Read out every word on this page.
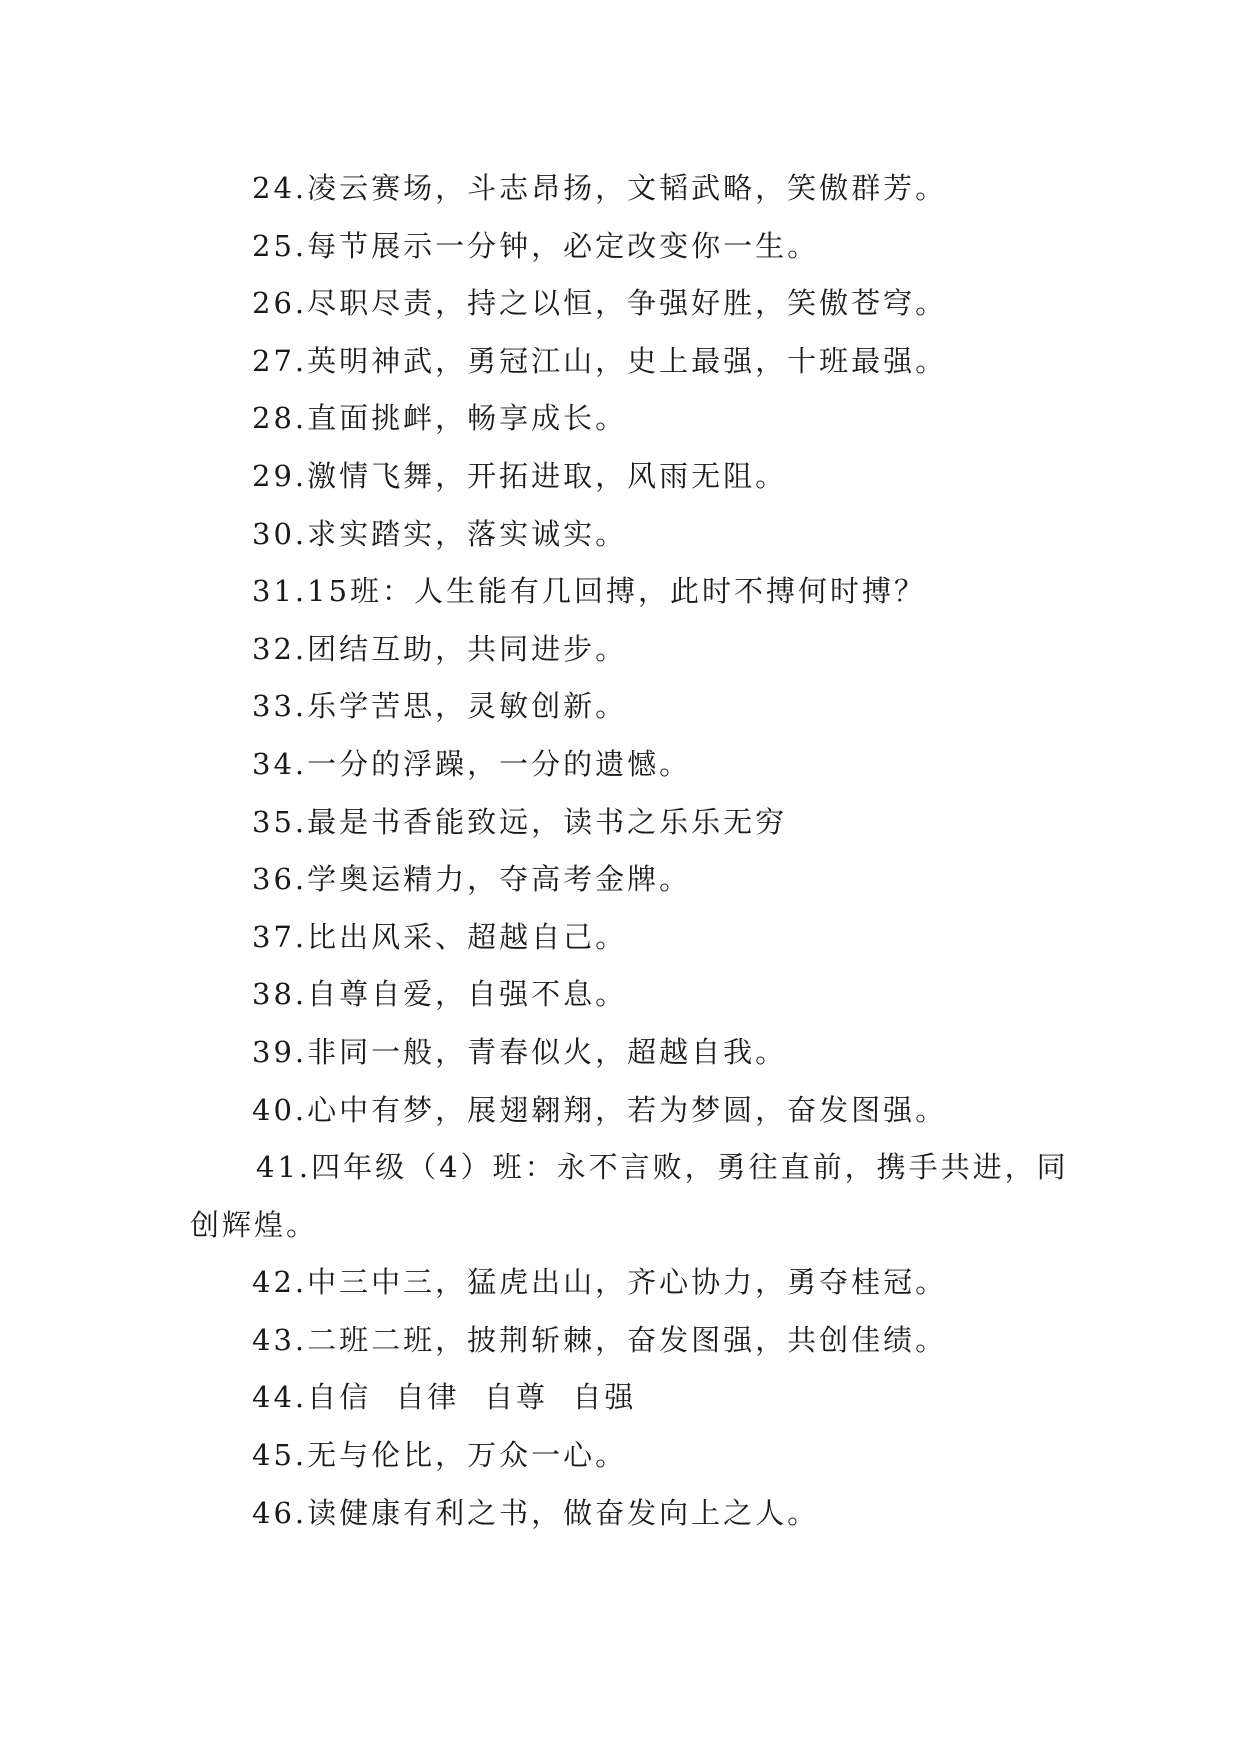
24.凌云赛场，斗志昂扬，文韬武略，笑傲群芳。

25.每节展示一分钟，必定改变你一生。

26.尽职尽责，持之以恒，争强好胜，笑傲苍穹。

27.英明神武，勇冠江山，史上最强，十班最强。

28.直面挑衅，畅享成长。

29.激情飞舞，开拓进取，风雨无阻。

30.求实踏实，落实诚实。

31.15班：人生能有几回搏，此时不搏何时搏？

32.团结互助，共同进步。

33.乐学苦思，灵敏创新。

34.一分的浮躁，一分的遗憾。

35.最是书香能致远，读书之乐乐无穷

36.学奥运精力，夺高考金牌。

37.比出风采、超越自己。

38.自尊自爱，自强不息。

39.非同一般，青春似火，超越自我。

40.心中有梦，展翅翱翔，若为梦圆，奋发图强。

41.四年级（4）班：永不言败，勇往直前，携手共进，同创辉煌。

42.中三中三，猛虎出山，齐心协力，勇夺桂冠。

43.二班二班，披荆斩棘，奋发图强，共创佳绩。

44.自信  自律  自尊  自强

45.无与伦比，万众一心。

46.读健康有利之书，做奋发向上之人。
